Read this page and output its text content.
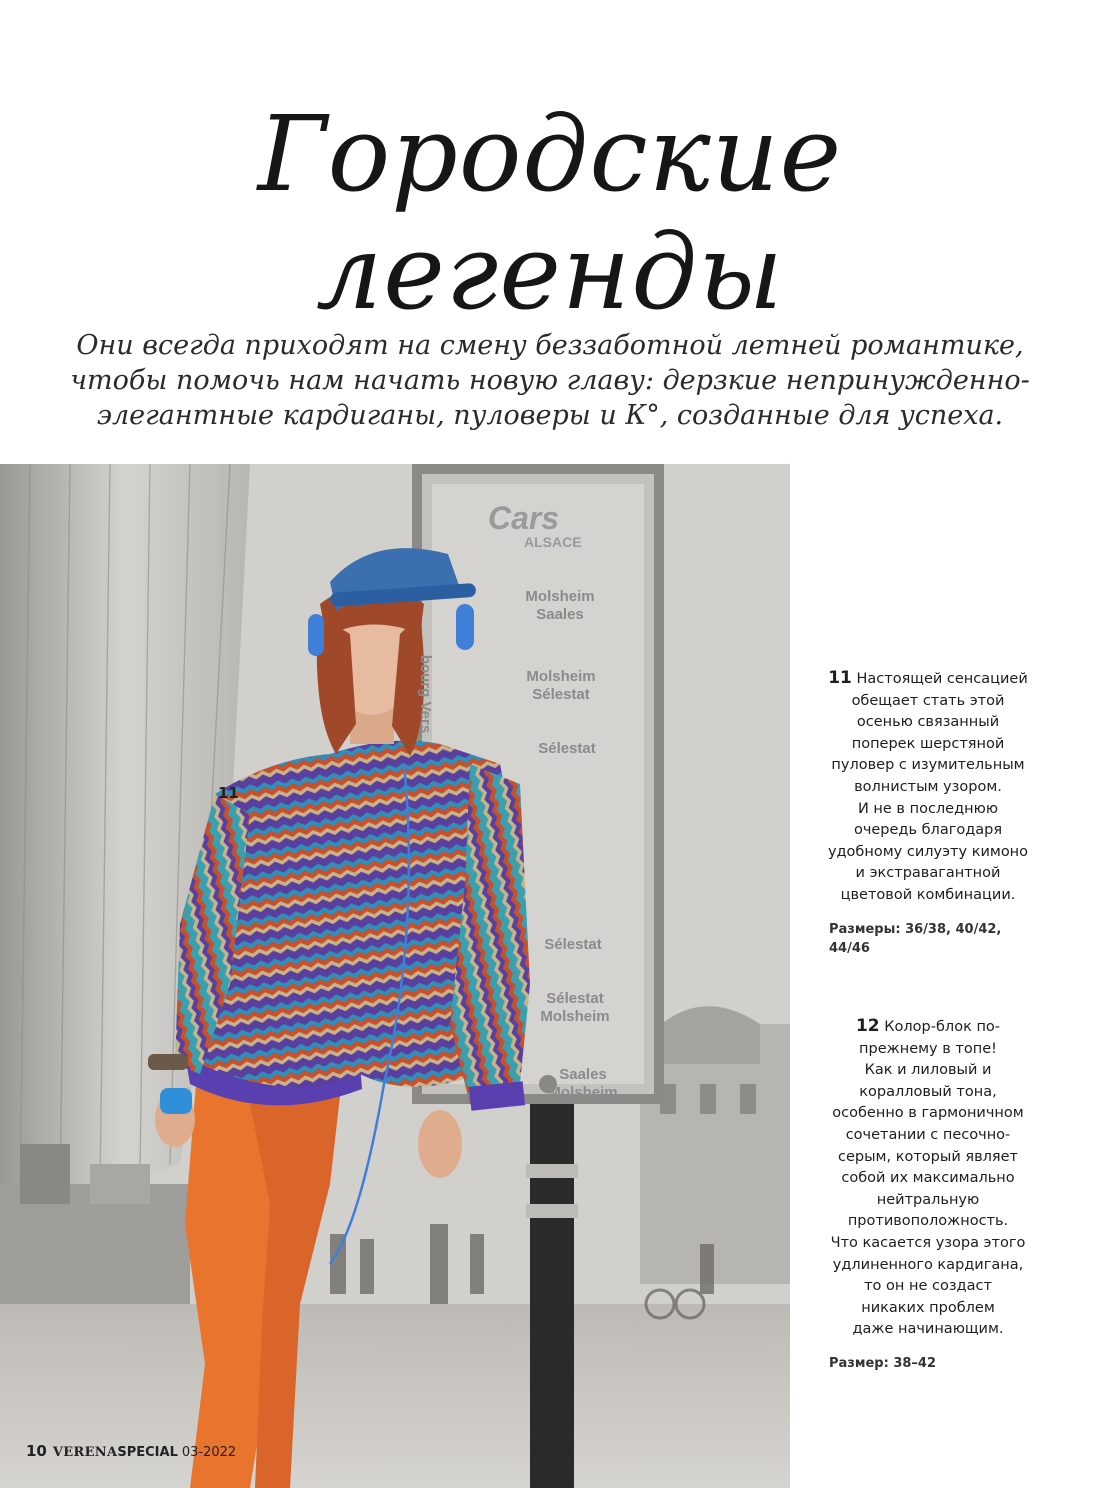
Городские
легенды

Они всегда приходят на смену беззаботной летней романтике,
чтобы помочь нам начать новую главу: дерзкие непринужденно-
элегантные кардиганы, пуловеры и К°, созданные для успеха.

Cars
ALSACE
bourg Vers
Molsheim
Saales
Molsheim
Sélestat
Sélestat
Sélestat
Sélestat
Molsheim
Saales
Molsheim
11
11 Настоящей сенсацией
обещает стать этой
осенью связанный
поперек шерстяной
пуловер с изумительным
волнистым узором.
И не в последнюю
очередь благодаря
удобному силуэту кимоно
и экстравагантной
цветовой комбинации.
Размеры: 36/38, 40/42,
44/46
12 Колор-блок по-
прежнему в топе!
Как и лиловый и
коралловый тона,
особенно в гармоничном
сочетании с песочно-
серым, который являет
собой их максимально
нейтральную
противоположность.
Что касается узора этого
удлиненного кардигана,
то он не создаст
никаких проблем
даже начинающим.
Размер: 38–42
10 VERENASPECIAL 03-2022
